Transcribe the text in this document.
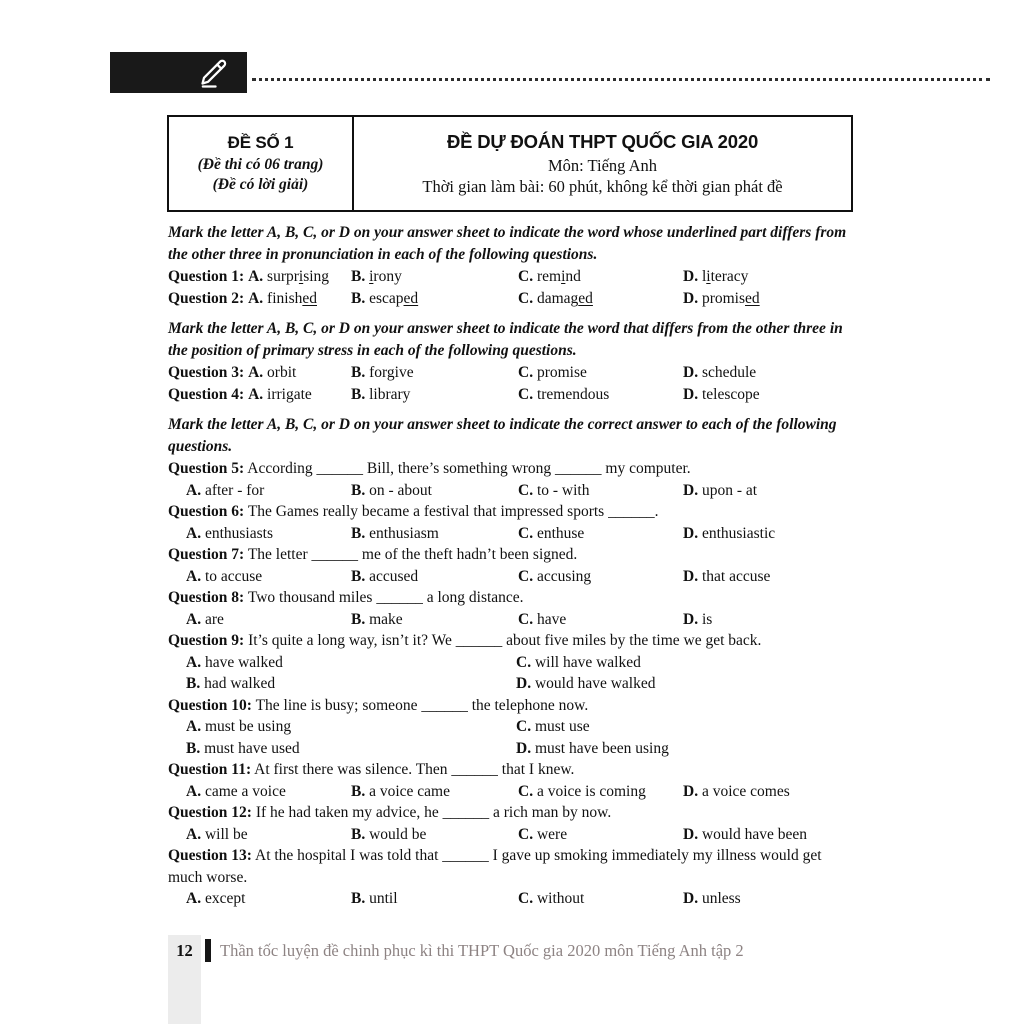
ĐỀ SỐ 1
(Đề thi có 06 trang)
(Đề có lời giải)
ĐỀ DỰ ĐOÁN THPT QUỐC GIA 2020
Môn: Tiếng Anh
Thời gian làm bài: 60 phút, không kể thời gian phát đề

Mark the letter A, B, C, or D on your answer sheet to indicate the word whose underlined part differs from the other three in pronunciation in each of the following questions.

Question 1: A. surprising	B. irony	C. remind	D. literacy
Question 2: A. finished	B. escaped	C. damaged	D. promised

Mark the letter A, B, C, or D on your answer sheet to indicate the word that differs from the other three in the position of primary stress in each of the following questions.

Question 3: A. orbit	B. forgive	C. promise	D. schedule
Question 4: A. irrigate	B. library	C. tremendous	D. telescope

Mark the letter A, B, C, or D on your answer sheet to indicate the correct answer to each of the following questions.

Question 5: According ______ Bill, there’s something wrong ______ my computer.
A. after - for	B. on - about	C. to - with	D. upon - at
Question 6: The Games really became a festival that impressed sports ______.
A. enthusiasts	B. enthusiasm	C. enthuse	D. enthusiastic
Question 7: The letter ______ me of the theft hadn’t been signed.
A. to accuse	B. accused	C. accusing	D. that accuse
Question 8: Two thousand miles ______ a long distance.
A. are	B. make	C. have	D. is
Question 9: It’s quite a long way, isn’t it? We ______ about five miles by the time we get back.
A. have walked	C. will have walked
B. had walked	D. would have walked
Question 10: The line is busy; someone ______ the telephone now.
A. must be using	C. must use
B. must have used	D. must have been using
Question 11: At first there was silence. Then ______ that I knew.
A. came a voice	B. a voice came	C. a voice is coming	D. a voice comes
Question 12: If he had taken my advice, he ______ a rich man by now.
A. will be	B. would be	C. were	D. would have been
Question 13: At the hospital I was told that ______ I gave up smoking immediately my illness would get much worse.
A. except	B. until	C. without	D. unless
12	Thần tốc luyện đề chinh phục kì thi THPT Quốc gia 2020 môn Tiếng Anh tập 2
